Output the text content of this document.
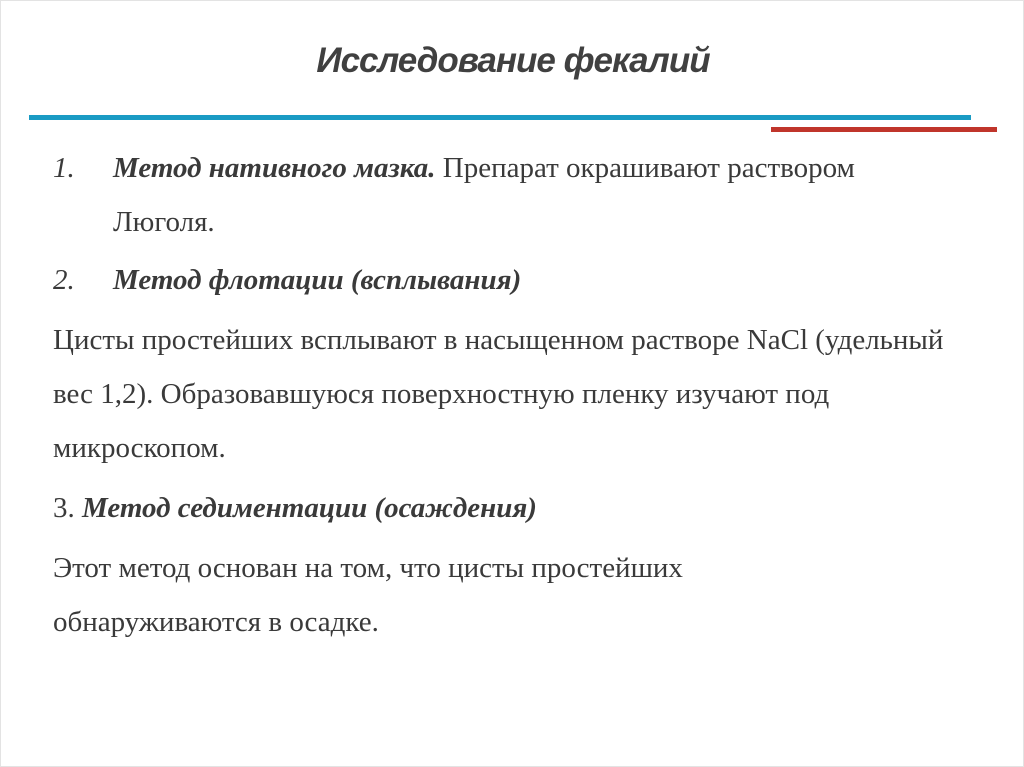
Исследование фекалий
1.	Метод нативного мазка. Препарат окрашивают раствором Люголя.
2.	Метод флотации (всплывания)
Цисты простейших всплывают в насыщенном растворе NaCl (удельный вес 1,2). Образовавшуюся поверхностную пленку изучают под микроскопом.
3. Метод седиментации (осаждения)
Этот метод основан на том, что цисты простейших обнаруживаются в осадке.
